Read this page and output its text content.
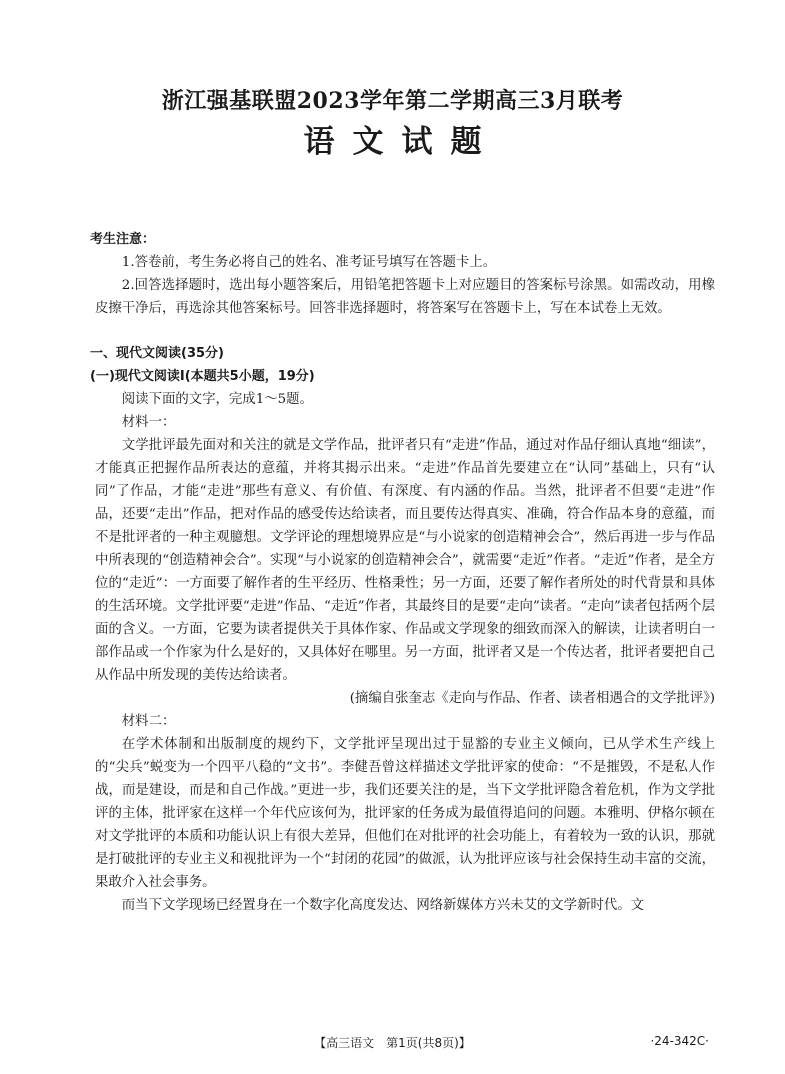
浙江强基联盟2023学年第二学期高三3月联考
语文试题
考生注意：

1.答卷前，考生务必将自己的姓名、准考证号填写在答题卡上。

2.回答选择题时，选出每小题答案后，用铅笔把答题卡上对应题目的答案标号涂黑。如需改动，用橡皮擦干净后，再选涂其他答案标号。回答非选择题时，将答案写在答题卡上，写在本试卷上无效。

一、现代文阅读(35分)
(一)现代文阅读Ⅰ(本题共5小题，19分)

阅读下面的文字，完成1～5题。

材料一：

文学批评最先面对和关注的就是文学作品，批评者只有“走进”作品，通过对作品仔细认真地“细读”，才能真正把握作品所表达的意蕴，并将其揭示出来。“走进”作品首先要建立在“认同”基础上，只有“认同”了作品，才能“走进”那些有意义、有价值、有深度、有内涵的作品。当然，批评者不但要“走进”作品，还要“走出”作品，把对作品的感受传达给读者，而且要传达得真实、准确，符合作品本身的意蕴，而不是批评者的一种主观臆想。文学评论的理想境界应是“与小说家的创造精神会合”，然后再进一步与作品中所表现的“创造精神会合”。实现“与小说家的创造精神会合”，就需要“走近”作者。“走近”作者，是全方位的“走近”：一方面要了解作者的生平经历、性格秉性；另一方面，还要了解作者所处的时代背景和具体的生活环境。文学批评要“走进”作品、“走近”作者，其最终目的是要“走向”读者。“走向”读者包括两个层面的含义。一方面，它要为读者提供关于具体作家、作品或文学现象的细致而深入的解读，让读者明白一部作品或一个作家为什么是好的，又具体好在哪里。另一方面，批评者又是一个传达者，批评者要把自己从作品中所发现的美传达给读者。

(摘编自张奎志《走向与作品、作者、读者相遇合的文学批评》)

材料二：

在学术体制和出版制度的规约下，文学批评呈现出过于显豁的专业主义倾向，已从学术生产线上的“尖兵”蜕变为一个四平八稳的“文书”。李健吾曾这样描述文学批评家的使命：“不是摧毁，不是私人作战，而是建设，而是和自己作战。”更进一步，我们还要关注的是，当下文学批评隐含着危机，作为文学批评的主体，批评家在这样一个年代应该何为，批评家的任务成为最值得追问的问题。本雅明、伊格尔顿在对文学批评的本质和功能认识上有很大差异，但他们在对批评的社会功能上，有着较为一致的认识，那就是打破批评的专业主义和视批评为一个“封闭的花园”的做派，认为批评应该与社会保持生动丰富的交流，果敢介入社会事务。

而当下文学现场已经置身在一个数字化高度发达、网络新媒体方兴未艾的文学新时代。文

【高三语文　第1页(共8页)】	·24-342C·
